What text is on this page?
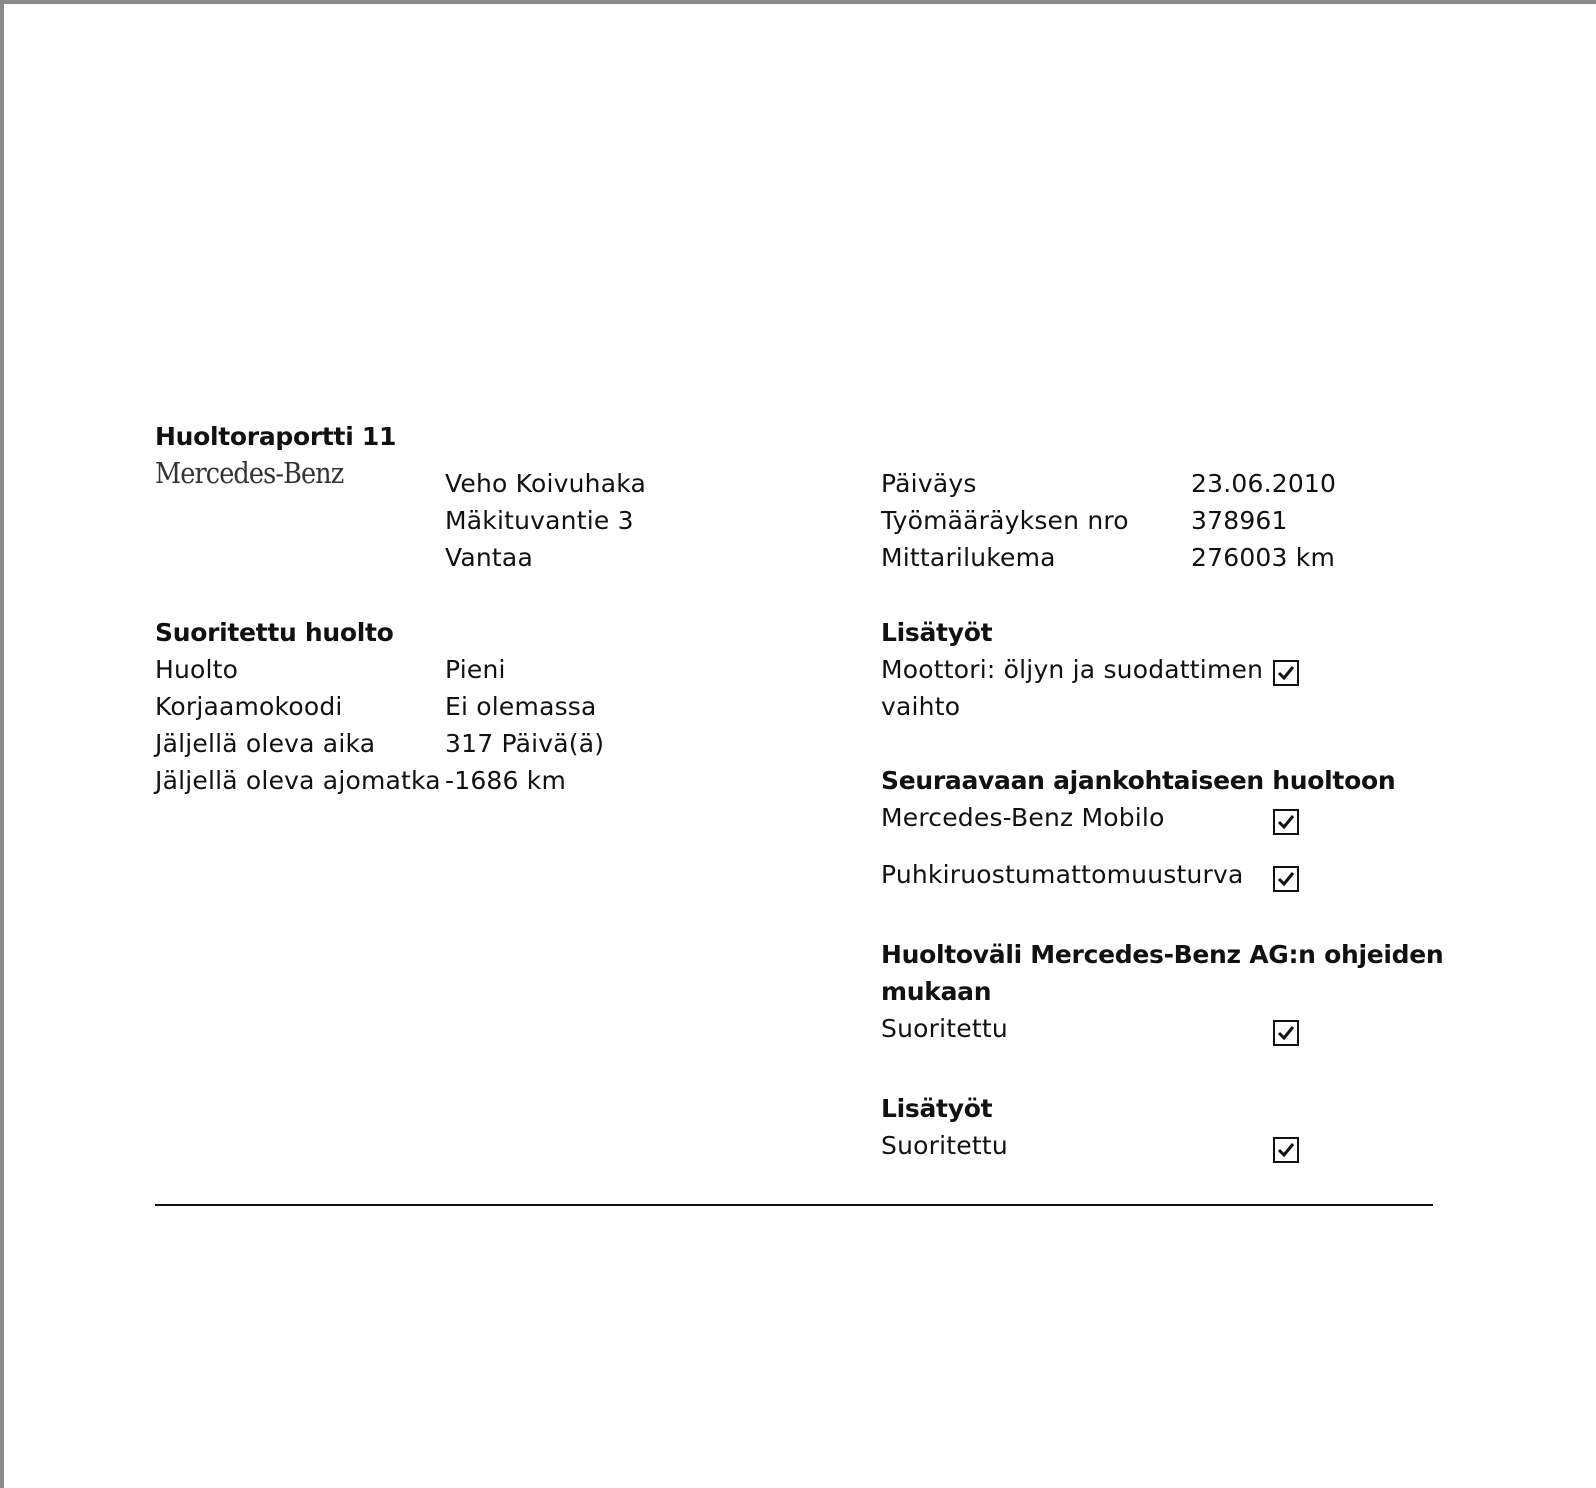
Huoltoraportti 11
Mercedes-Benz	Veho Koivuhaka
Mäkituvantie 3
Vantaa
Päiväys	23.06.2010
Työmääräyksen nro 378961
Mittarilukema	276003 km
Suoritettu huolto
Huolto	Pieni
Korjaamokoodi	Ei olemassa
Jäljellä oleva aika	317 Päivä(ä)
Jäljellä oleva ajomatka -1686 km
Lisätyöt
Moottori: öljyn ja suodattimen
vaihto
Seuraavaan ajankohtaiseen huoltoon
Mercedes-Benz Mobilo
Puhkiruostumattomuusturva
Huoltoväli Mercedes-Benz AG:n ohjeiden
mukaan
Suoritettu
Lisätyöt
Suoritettu
